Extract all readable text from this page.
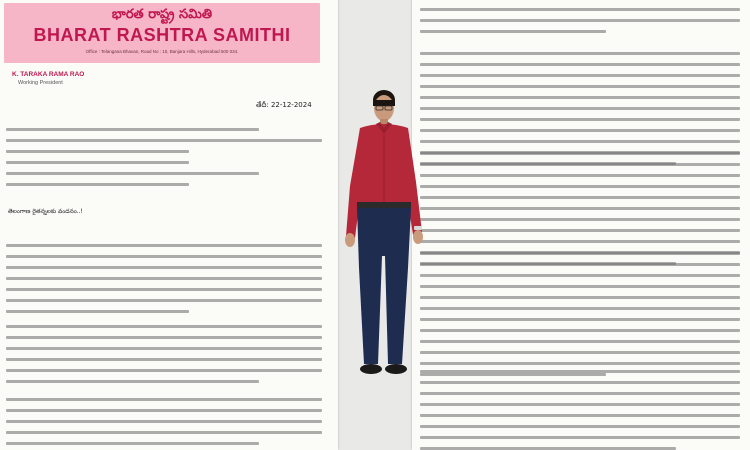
భారత రాష్ట్ర సమితి
BHARAT RASHTRA SAMITHI
Office : Telangana Bhavan, Road No : 10, Banjara Hills, Hyderabad 500 034.
K. TARAKA RAMA RAO
Working President
తేదీ: 22-12-2024
తెలంగాణ రైతన్నలకు వందనం..!
